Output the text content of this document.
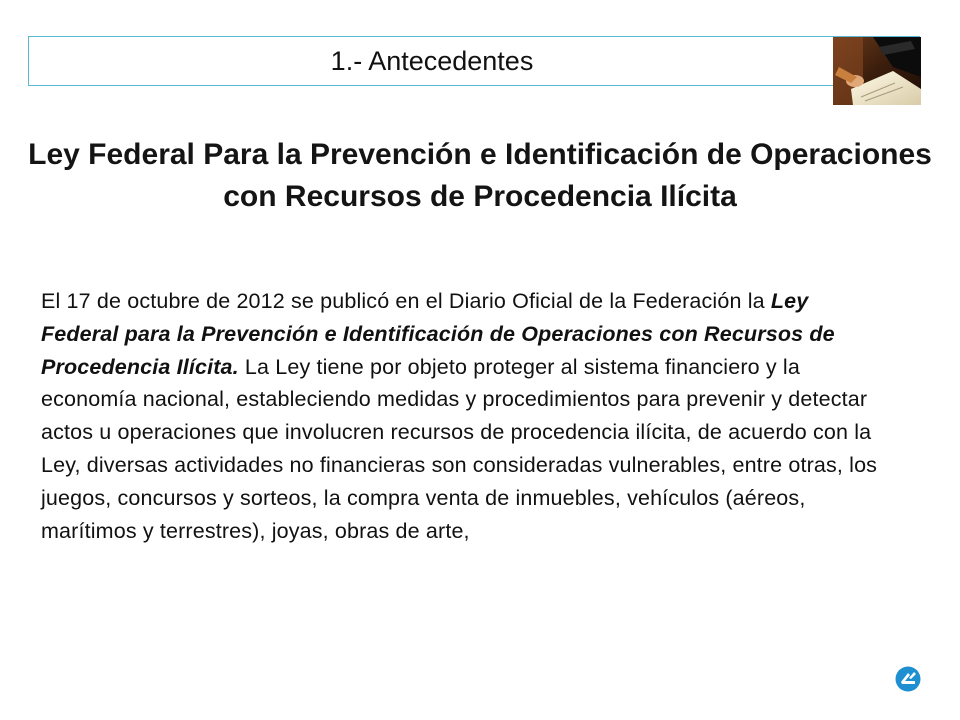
1.- Antecedentes
Ley Federal Para la Prevención e Identificación de Operaciones con Recursos de Procedencia Ilícita
El 17 de octubre de 2012 se publicó en el Diario Oficial de la Federación la Ley Federal para la Prevención e Identificación de Operaciones con Recursos de Procedencia Ilícita. La Ley tiene por objeto proteger al sistema financiero y la economía nacional, estableciendo medidas y procedimientos para prevenir y detectar actos u operaciones que involucren recursos de procedencia ilícita, de acuerdo con la Ley, diversas actividades no financieras son consideradas vulnerables, entre otras, los juegos, concursos y sorteos, la compra venta de inmuebles, vehículos (aéreos, marítimos y terrestres), joyas, obras de arte,
